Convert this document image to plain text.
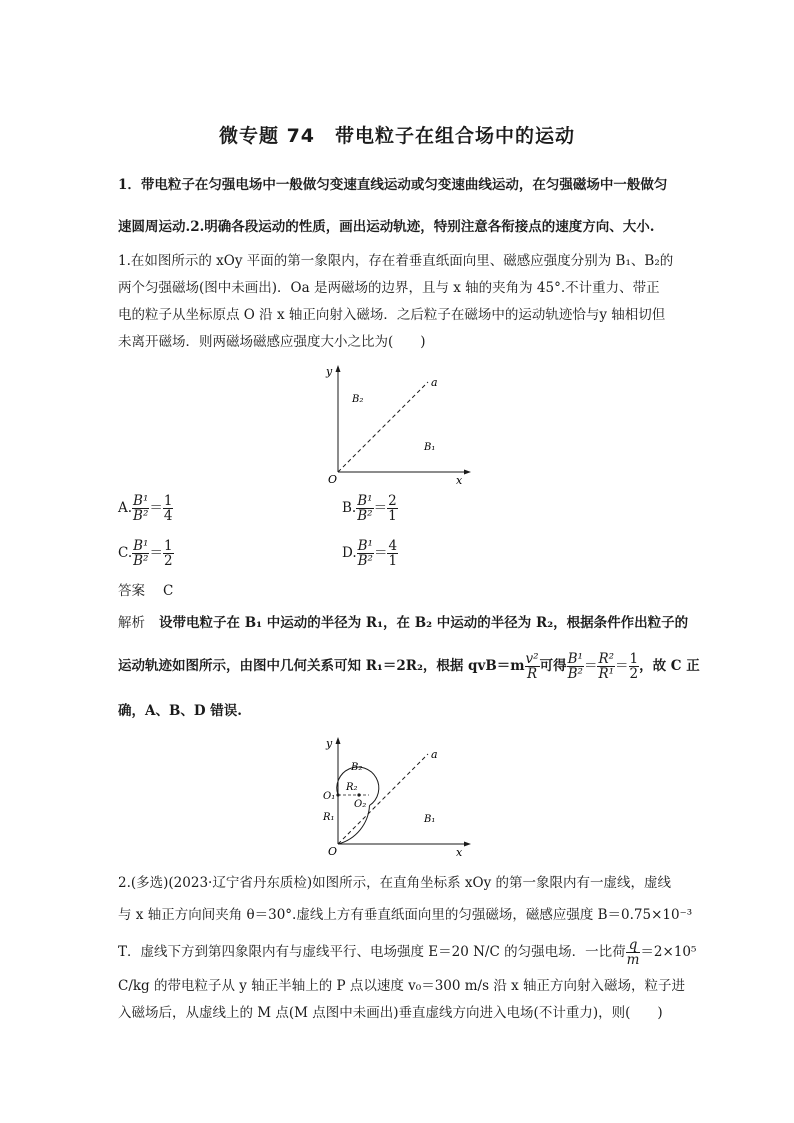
微专题 74　带电粒子在组合场中的运动
1．带电粒子在匀强电场中一般做匀变速直线运动或匀变速曲线运动，在匀强磁场中一般做匀
速圆周运动.2.明确各段运动的性质，画出运动轨迹，特别注意各衔接点的速度方向、大小.
1.在如图所示的 xOy 平面的第一象限内，存在着垂直纸面向里、磁感应强度分别为 B₁、B₂的
两个匀强磁场(图中未画出)．Oa 是两磁场的边界，且与 x 轴的夹角为 45°.不计重力、带正
电的粒子从坐标原点 O 沿 x 轴正向射入磁场．之后粒子在磁场中的运动轨迹恰与y 轴相切但
未离开磁场．则两磁场磁感应强度大小之比为(　　)
y
x
O
a
B₂
B₁
A. $\frac{\text{B¹}}{\text{B²}} = \frac{1}{4}$	B. $\frac{\text{B¹}}{\text{B²}} = \frac{2}{1}$
C. $\frac{\text{B¹}}{\text{B²}} = \frac{1}{2}$	D. $\frac{\text{B¹}}{\text{B²}} = \frac{4}{1}$
答案 C
解析 设带电粒子在 B₁ 中运动的半径为 R₁，在 B₂ 中运动的半径为 R₂，根据条件作出粒子的
运动轨迹如图所示，由图中几何关系可知 R₁＝2R₂，根据 $qvB=m \frac{\text{v²}}{R}$ 可得 $\frac{\text{B¹}}{\text{B²}} = \frac{\text{R²}}{\text{R¹}} = \frac{1}{2}$ ，故 C 正
确，A、B、D 错误.
y
x
O
a
B₂
B₁
O₁
O₂
R₂
R₁
2.(多选)(2023·辽宁省丹东质检)如图所示，在直角坐标系 xOy 的第一象限内有一虚线，虚线
与 x 轴正方向间夹角 θ＝30°.虚线上方有垂直纸面向里的匀强磁场，磁感应强度 B＝0.75×10⁻³
T．虚线下方到第四象限内有与虚线平行、电场强度 E＝20 N/C 的匀强电场．一比荷 $\frac{q}{m} =2\times 10^5$
C/kg 的带电粒子从 y 轴正半轴上的 P 点以速度 v₀＝300 m/s 沿 x 轴正方向射入磁场，粒子进
入磁场后，从虚线上的 M 点(M 点图中未画出)垂直虚线方向进入电场(不计重力)，则(　　)
